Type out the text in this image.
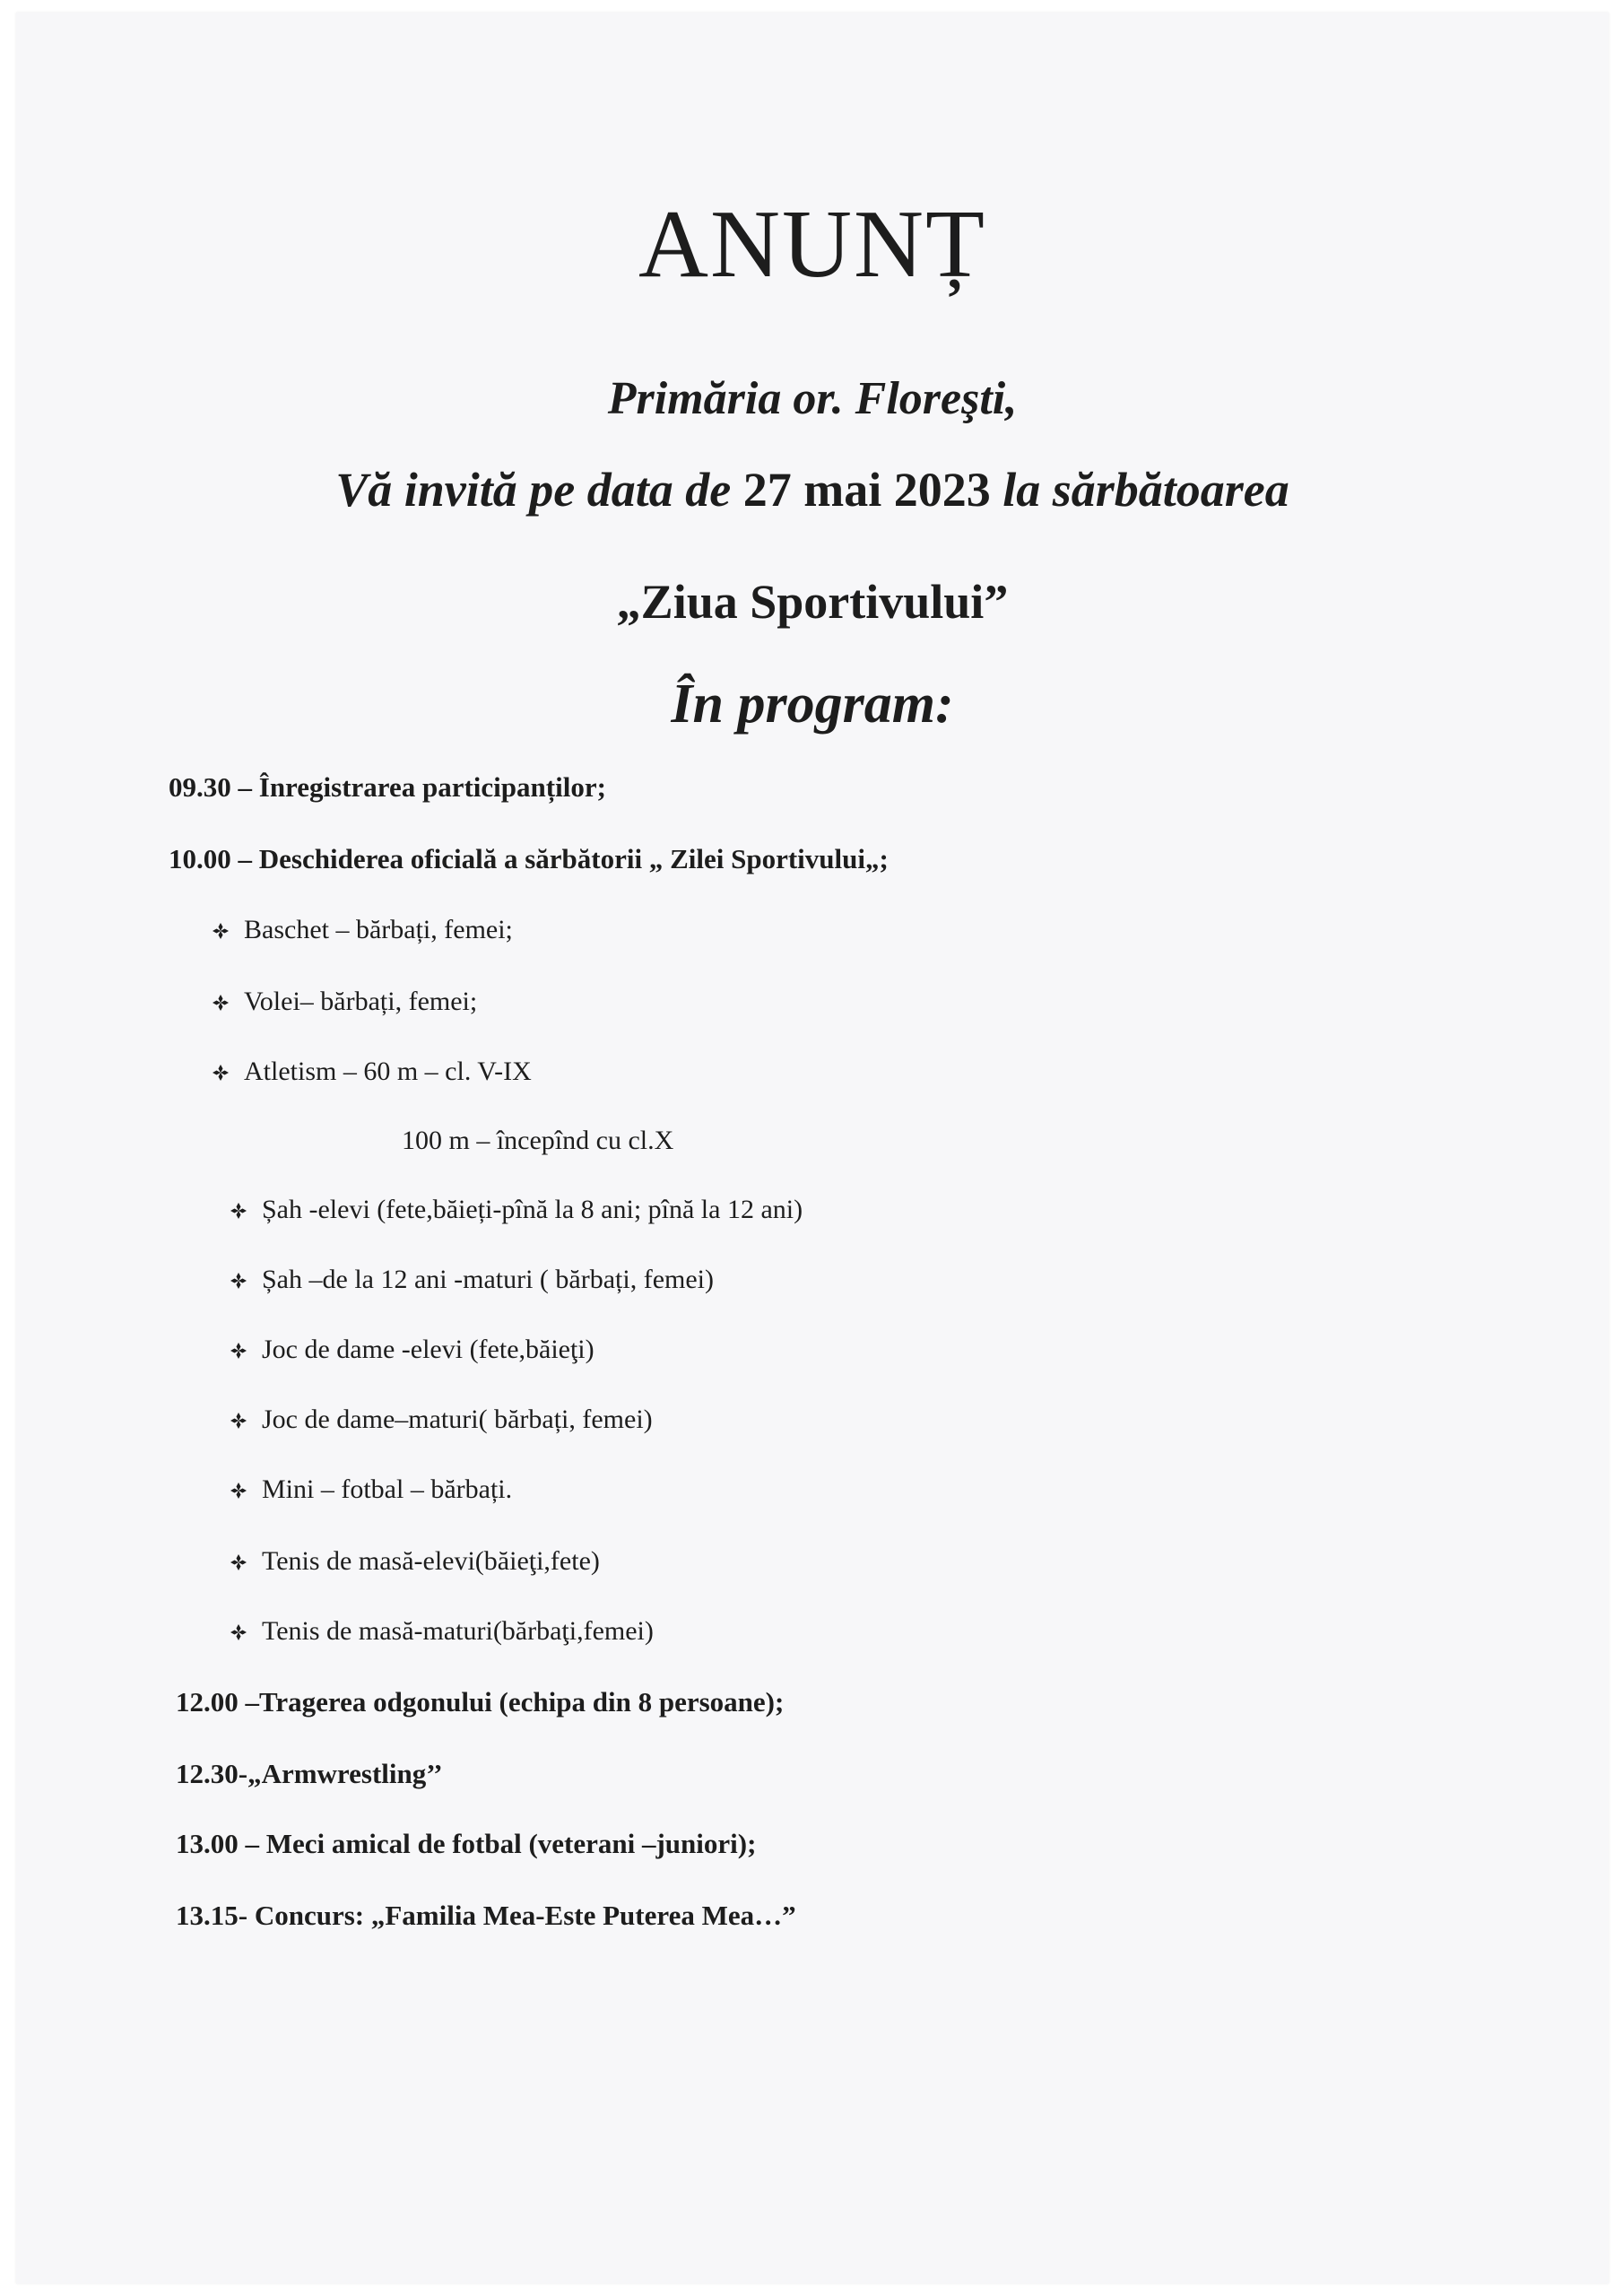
ANUNȚ

Primăria or. Floreşti,

Vă invită pe data de 27 mai 2023 la sărbătoarea

„Ziua Sportivului”

În program:

09.30 – Înregistrarea participanților;

10.00 – Deschiderea oficială a sărbătorii „ Zilei Sportivului„;

Baschet – bărbați, femei;

Volei– bărbați, femei;

Atletism – 60 m – cl. V-IX

100 m – începînd cu cl.X

Șah -elevi (fete,băieți-pînă la 8 ani; pînă la 12 ani)

Șah –de la 12 ani -maturi ( bărbați, femei)

Joc de dame -elevi (fete,băieţi)

Joc de dame–maturi( bărbați, femei)

Mini – fotbal – bărbați.

Tenis de masă-elevi(băieţi,fete)

Tenis de masă-maturi(bărbaţi,femei)

12.00 –Tragerea odgonului (echipa din 8 persoane);

12.30-„Armwrestling’’

13.00 – Meci amical de fotbal (veterani –juniori);

13.15- Concurs: „Familia Mea-Este Puterea Mea…”
